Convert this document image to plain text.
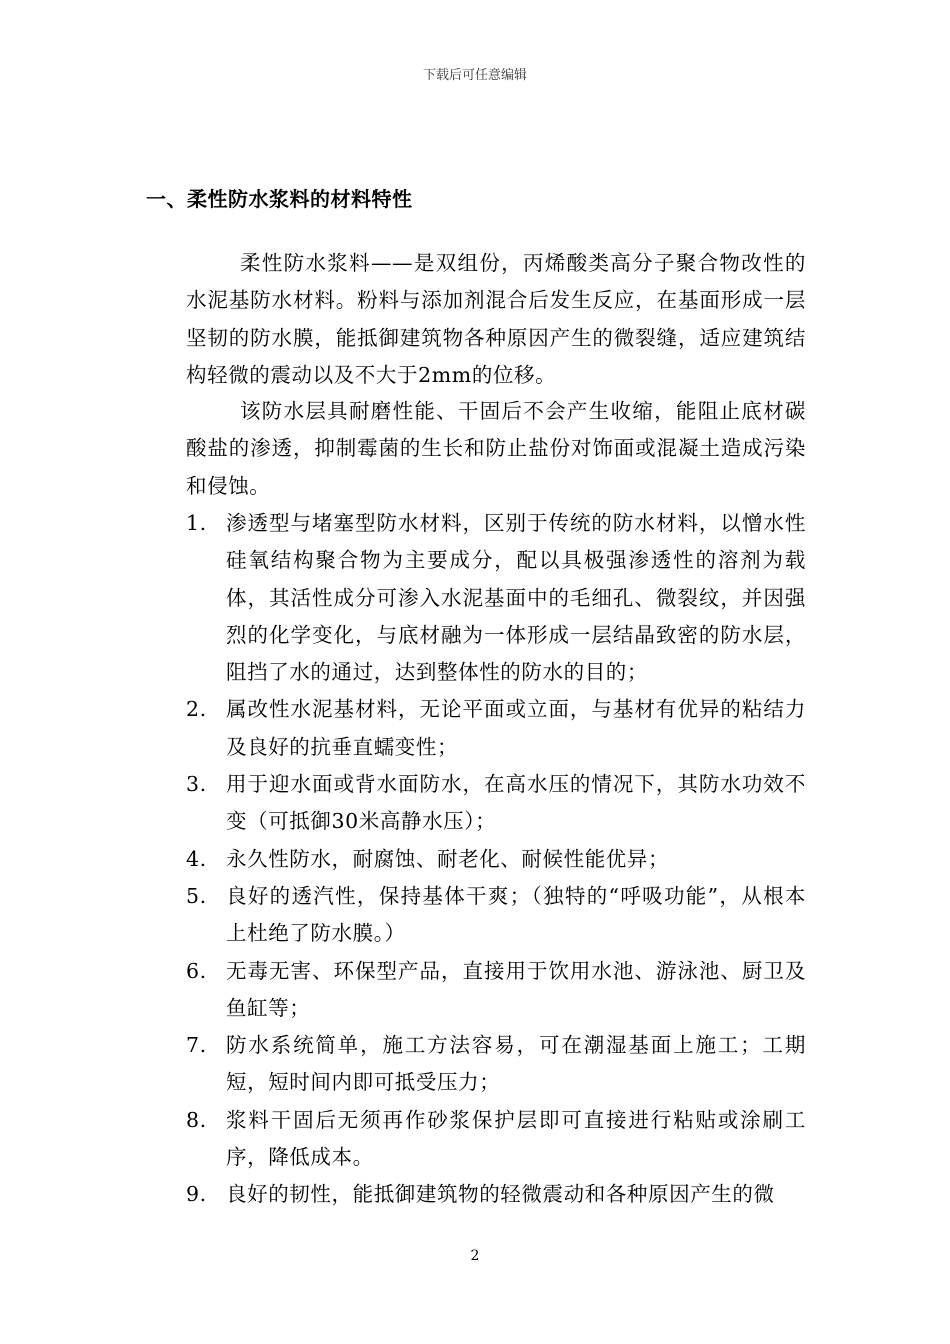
下载后可任意编辑
一、柔性防水浆料的材料特性
柔性防水浆料——是双组份，丙烯酸类高分子聚合物改性的水泥基防水材料。粉料与添加剂混合后发生反应，在基面形成一层坚韧的防水膜，能抵御建筑物各种原因产生的微裂缝，适应建筑结构轻微的震动以及不大于2mm的位移。
该防水层具耐磨性能、干固后不会产生收缩，能阻止底材碳酸盐的渗透，抑制霉菌的生长和防止盐份对饰面或混凝土造成污染和侵蚀。
1. 渗透型与堵塞型防水材料，区别于传统的防水材料，以憎水性硅氧结构聚合物为主要成分，配以具极强渗透性的溶剂为载体，其活性成分可渗入水泥基面中的毛细孔、微裂纹，并因强烈的化学变化，与底材融为一体形成一层结晶致密的防水层，阻挡了水的通过，达到整体性的防水的目的；
2. 属改性水泥基材料，无论平面或立面，与基材有优异的粘结力及良好的抗垂直蠕变性；
3. 用于迎水面或背水面防水，在高水压的情况下，其防水功效不变（可抵御30米高静水压）；
4. 永久性防水，耐腐蚀、耐老化、耐候性能优异；
5. 良好的透汽性，保持基体干爽；（独特的“呼吸功能”，从根本上杜绝了防水膜。）
6. 无毒无害、环保型产品，直接用于饮用水池、游泳池、厨卫及鱼缸等；
7. 防水系统简单，施工方法容易，可在潮湿基面上施工；工期短，短时间内即可抵受压力；
8. 浆料干固后无须再作砂浆保护层即可直接进行粘贴或涂刷工序，降低成本。
9. 良好的韧性，能抵御建筑物的轻微震动和各种原因产生的微
2
